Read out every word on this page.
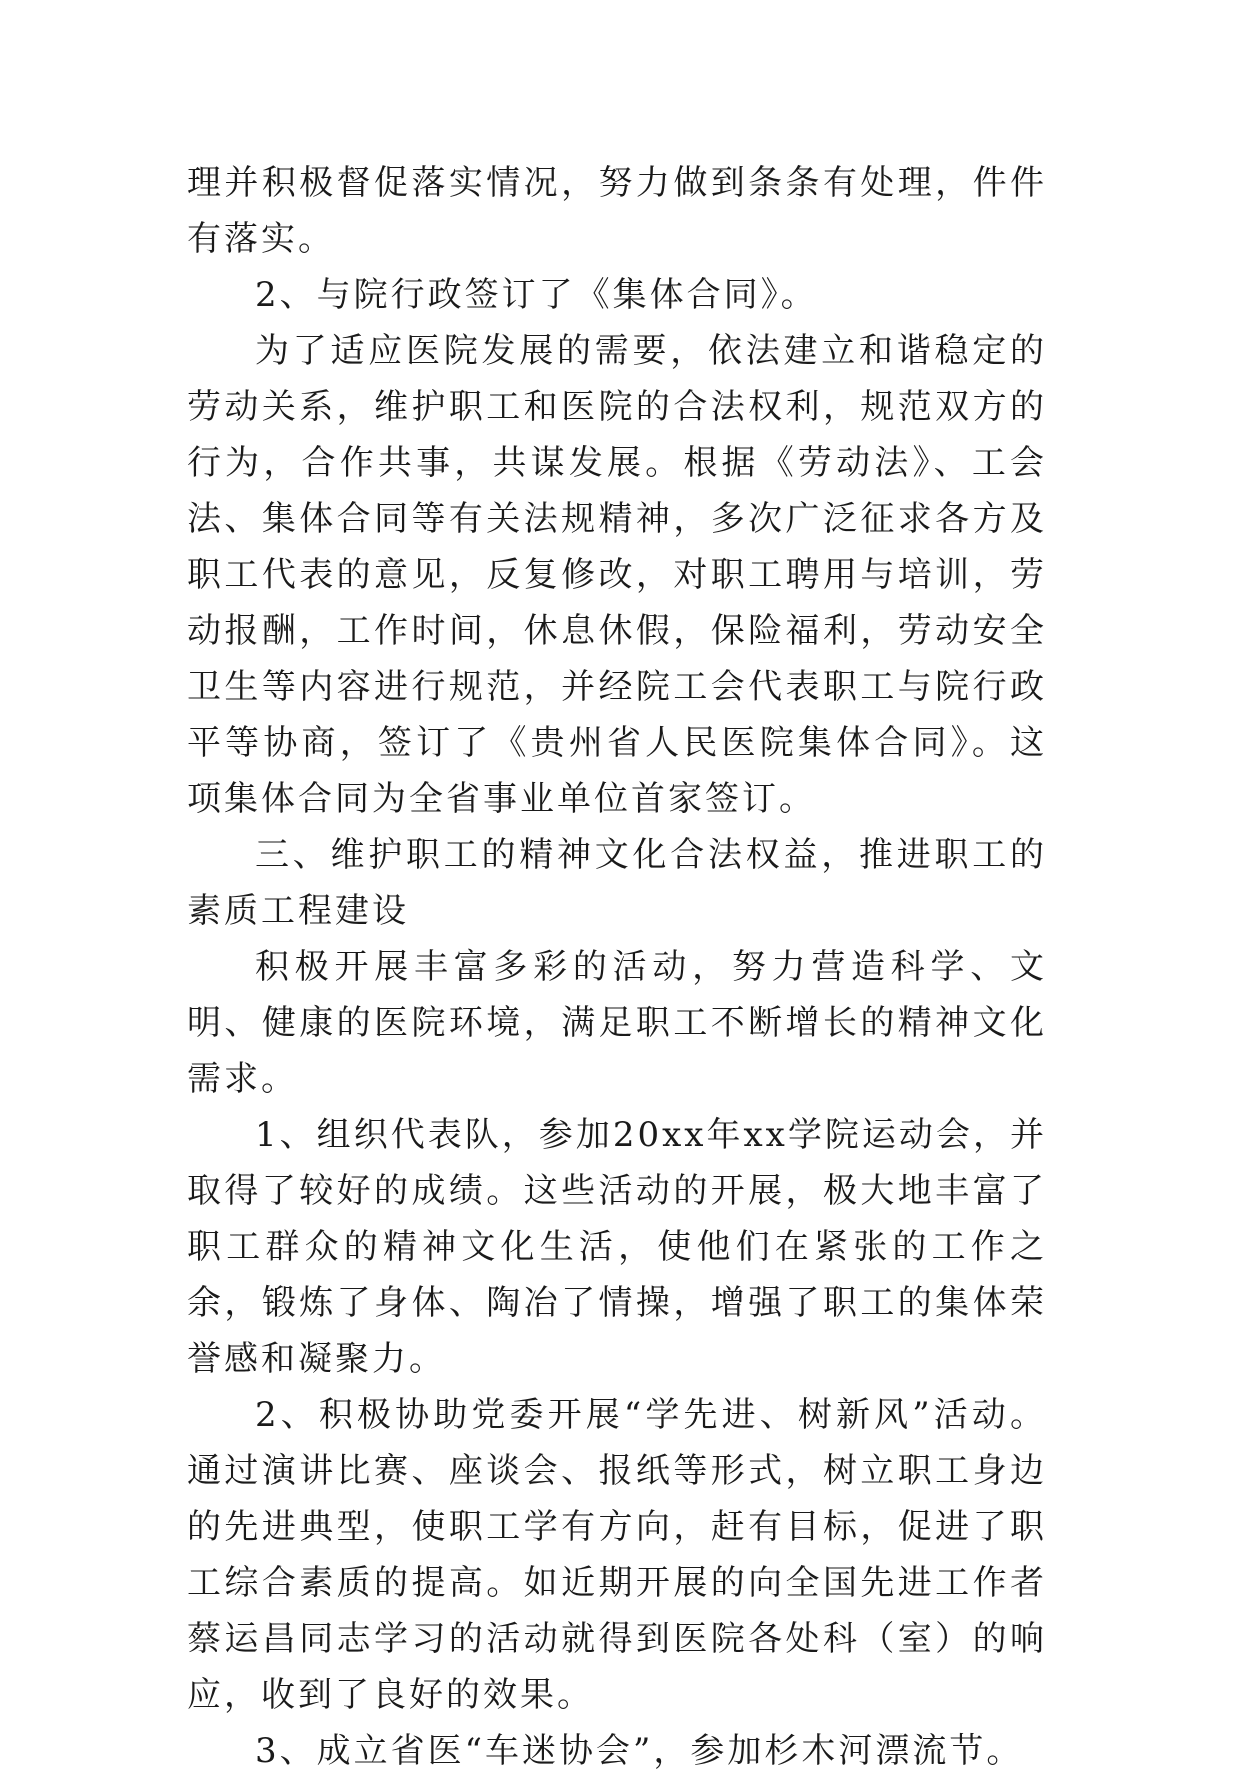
理并积极督促落实情况，努力做到条条有处理，件件有落实。

2、与院行政签订了《集体合同》。

为了适应医院发展的需要，依法建立和谐稳定的劳动关系，维护职工和医院的合法权利，规范双方的行为，合作共事，共谋发展。根据《劳动法》、工会法、集体合同等有关法规精神，多次广泛征求各方及职工代表的意见，反复修改，对职工聘用与培训，劳动报酬，工作时间，休息休假，保险福利，劳动安全卫生等内容进行规范，并经院工会代表职工与院行政平等协商，签订了《贵州省人民医院集体合同》。这项集体合同为全省事业单位首家签订。

三、维护职工的精神文化合法权益，推进职工的素质工程建设

积极开展丰富多彩的活动，努力营造科学、文明、健康的医院环境，满足职工不断增长的精神文化需求。

1、组织代表队，参加20xx年xx学院运动会，并取得了较好的成绩。这些活动的开展，极大地丰富了职工群众的精神文化生活，使他们在紧张的工作之余，锻炼了身体、陶冶了情操，增强了职工的集体荣誉感和凝聚力。

2、积极协助党委开展“学先进、树新风”活动。通过演讲比赛、座谈会、报纸等形式，树立职工身边的先进典型，使职工学有方向，赶有目标，促进了职工综合素质的提高。如近期开展的向全国先进工作者蔡运昌同志学习的活动就得到医院各处科（室）的响应，收到了良好的效果。

3、成立省医“车迷协会”，参加杉木河漂流节。
